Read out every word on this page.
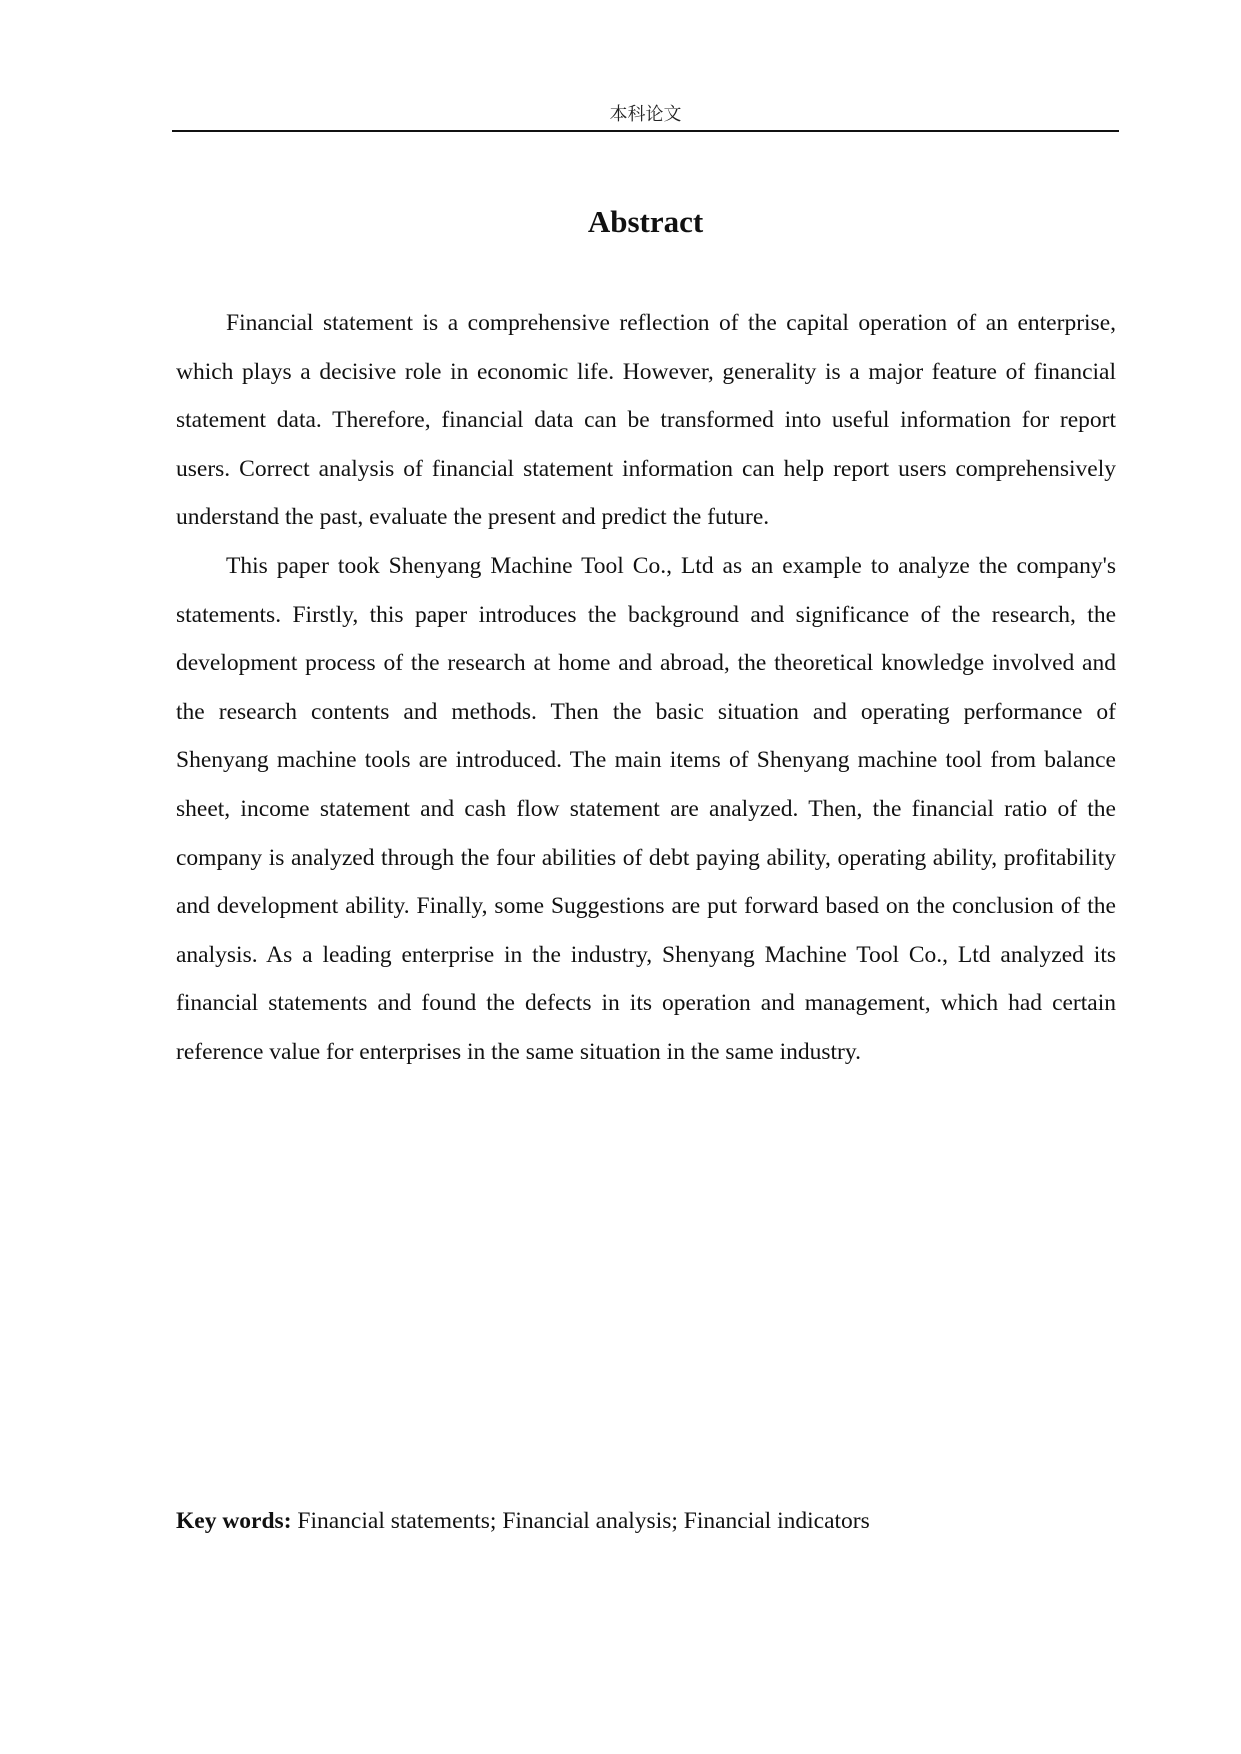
本科论文
Abstract

Financial statement is a comprehensive reflection of the capital operation of an enterprise, which plays a decisive role in economic life. However, generality is a major feature of financial statement data. Therefore, financial data can be transformed into useful information for report users. Correct analysis of financial statement information can help report users comprehensively understand the past, evaluate the present and predict the future.

This paper took Shenyang Machine Tool Co., Ltd as an example to analyze the company's statements. Firstly, this paper introduces the background and significance of the research, the development process of the research at home and abroad, the theoretical knowledge involved and the research contents and methods. Then the basic situation and operating performance of Shenyang machine tools are introduced. The main items of Shenyang machine tool from balance sheet, income statement and cash flow statement are analyzed. Then, the financial ratio of the company is analyzed through the four abilities of debt paying ability, operating ability, profitability and development ability. Finally, some Suggestions are put forward based on the conclusion of the analysis. As a leading enterprise in the industry, Shenyang Machine Tool Co., Ltd analyzed its financial statements and found the defects in its operation and management, which had certain reference value for enterprises in the same situation in the same industry.

Key words: Financial statements; Financial analysis; Financial indicators
